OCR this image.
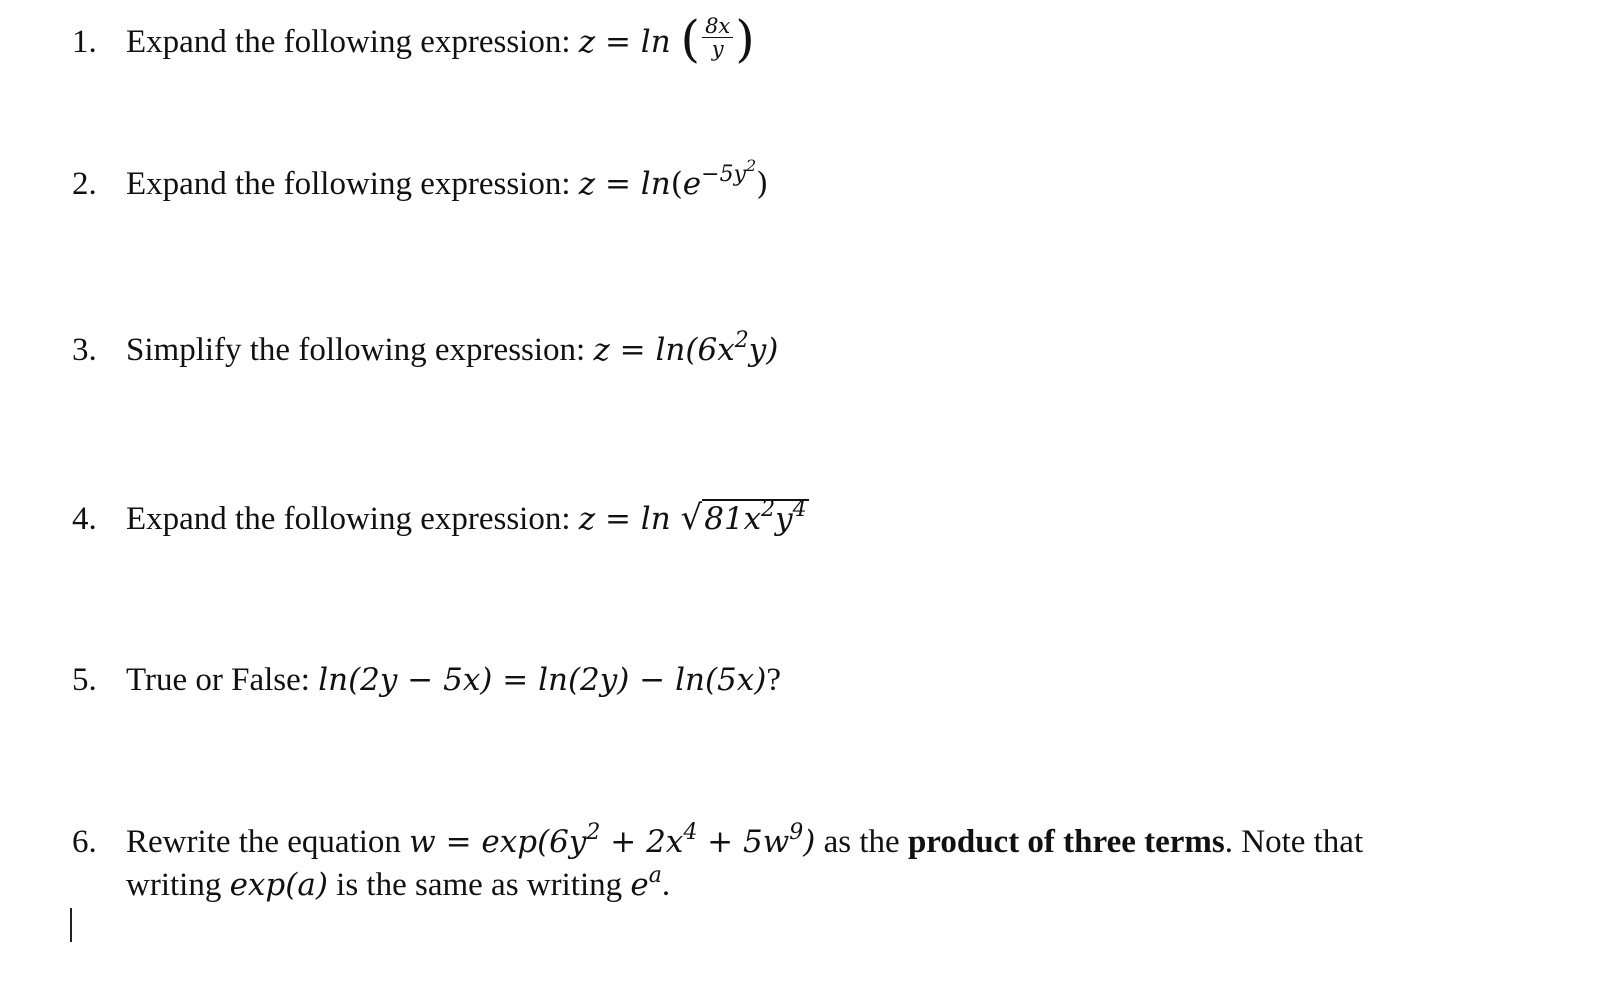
1. Expand the following expression: z = ln ( $\frac{8x}{y}$ )
2. Expand the following expression: $z = \ln(e^{-5y^2})$
3. Simplify the following expression: $z = \ln(6x^2y)$
4. Expand the following expression: $z = \ln √81x^2y^4$
5. True or False: ln(2y − 5x) = ln(2y) − ln(5x)?
6. Rewrite the equation $w = \exp(6y^2 + 2x^4 + 5w^9)$ as the product of three terms. Note that
writing exp(a) is the same as writing $e^a$.
